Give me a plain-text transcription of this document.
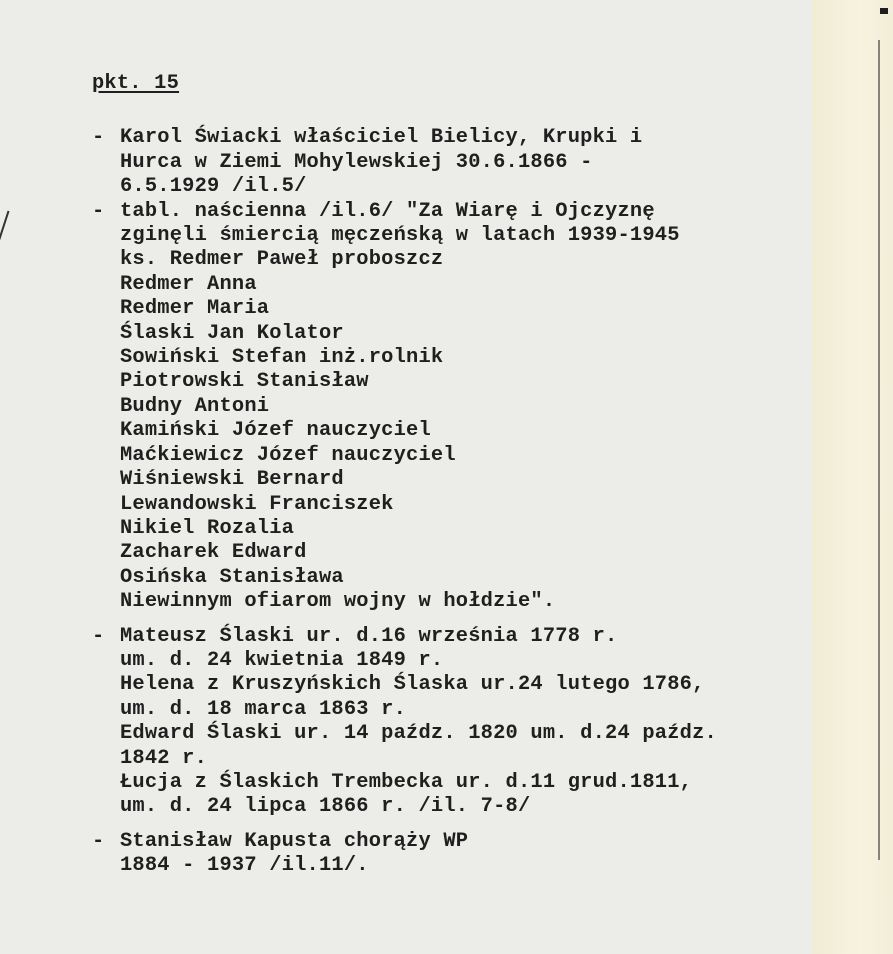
pkt. 15
- Karol Świacki właściciel Bielicy, Krupki i
Hurca w Ziemi Mohylewskiej 30.6.1866 -
6.5.1929 /il.5/
- tabl. naścienna /il.6/ "Za Wiarę i Ojczyznę
zginęli śmiercią męczeńską w latach 1939-1945
ks. Redmer Paweł proboszcz
Redmer Anna
Redmer Maria
Ślaski Jan Kolator
Sowiński Stefan inż.rolnik
Piotrowski Stanisław
Budny Antoni
Kamiński Józef nauczyciel
Maćkiewicz Józef nauczyciel
Wiśniewski Bernard
Lewandowski Franciszek
Nikiel Rozalia
Zacharek Edward
Osińska Stanisława
Niewinnym ofiarom wojny w hołdzie".
- Mateusz Ślaski ur. d.16 września 1778 r.
um. d. 24 kwietnia 1849 r.
Helena z Kruszyńskich Ślaska ur.24 lutego 1786,
um. d. 18 marca 1863 r.
Edward Ślaski ur. 14 paźdz. 1820 um. d.24 paźdz.
1842 r.
Łucja z Ślaskich Trembecka ur. d.11 grud.1811,
um. d. 24 lipca 1866 r. /il. 7-8/
- Stanisław Kapusta chorąży WP
1884 - 1937 /il.11/.
